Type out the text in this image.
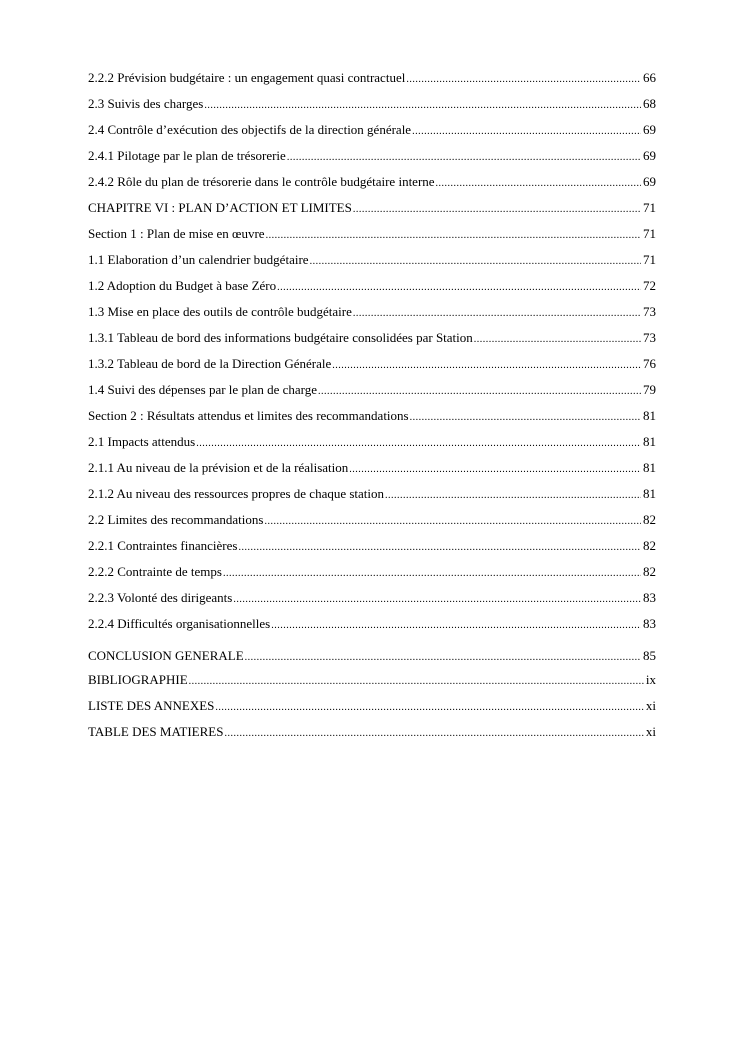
2.2.2 Prévision budgétaire : un engagement quasi contractuel .....	66
2.3 Suivis des charges .....	68
2.4 Contrôle d’exécution des objectifs de la direction générale .....	69
2.4.1 Pilotage par le plan de trésorerie .....	69
2.4.2 Rôle du plan de trésorerie dans le contrôle budgétaire interne .....	69
CHAPITRE VI : PLAN D’ACTION ET LIMITES .....	71
Section 1 : Plan de mise en œuvre .....	71
1.1 Elaboration d’un calendrier budgétaire .....	71
1.2 Adoption du Budget à base Zéro .....	72
1.3 Mise en place des outils de contrôle budgétaire .....	73
1.3.1 Tableau de bord des informations budgétaire consolidées par Station .....	73
1.3.2 Tableau de bord de la Direction Générale .....	76
1.4 Suivi des dépenses par le plan de charge .....	79
Section 2 : Résultats attendus et limites des recommandations .....	81
2.1 Impacts attendus .....	81
2.1.1 Au niveau de la prévision et de la réalisation .....	81
2.1.2 Au niveau des ressources propres de chaque station .....	81
2.2 Limites des recommandations .....	82
2.2.1 Contraintes financières .....	82
2.2.2 Contrainte de temps .....	82
2.2.3 Volonté des dirigeants .....	83
2.2.4 Difficultés organisationnelles .....	83
CONCLUSION GENERALE .....	85
BIBLIOGRAPHIE .....	ix
LISTE DES ANNEXES .....	xi
TABLE DES MATIERES .....	xi
